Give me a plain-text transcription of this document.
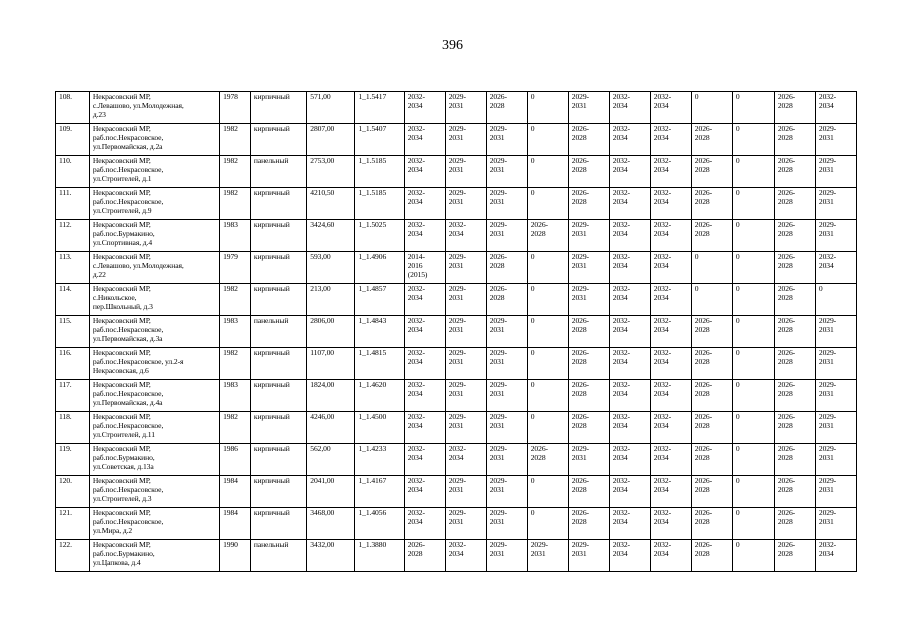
396
108.	Некрасовский МР,
с.Левашово, ул.Молодежная,
д.23	1978	кирпичный	571,00	1_1.5417	2032-
2034	2029-
2031	2026-
2028	0	2029-
2031	2032-
2034	2032-
2034	0	0	2026-
2028	2032-
2034
109.	Некрасовский МР,
раб.пос.Некрасовское,
ул.Первомайская, д.2а	1982	кирпичный	2807,00	1_1.5407	2032-
2034	2029-
2031	2029-
2031	0	2026-
2028	2032-
2034	2032-
2034	2026-
2028	0	2026-
2028	2029-
2031
110.	Некрасовский МР,
раб.пос.Некрасовское,
ул.Строителей, д.1	1982	панельный	2753,00	1_1.5185	2032-
2034	2029-
2031	2029-
2031	0	2026-
2028	2032-
2034	2032-
2034	2026-
2028	0	2026-
2028	2029-
2031
111.	Некрасовский МР,
раб.пос.Некрасовское,
ул.Строителей, д.9	1982	кирпичный	4210,50	1_1.5185	2032-
2034	2029-
2031	2029-
2031	0	2026-
2028	2032-
2034	2032-
2034	2026-
2028	0	2026-
2028	2029-
2031
112.	Некрасовский МР,
раб.пос.Бурмакино,
ул.Спортивная, д.4	1983	кирпичный	3424,60	1_1.5025	2032-
2034	2032-
2034	2029-
2031	2026-
2028	2029-
2031	2032-
2034	2032-
2034	2026-
2028	0	2026-
2028	2029-
2031
113.	Некрасовский МР,
с.Левашово, ул.Молодежная,
д.22	1979	кирпичный	593,00	1_1.4906	2014-
2016
(2015)	2029-
2031	2026-
2028	0	2029-
2031	2032-
2034	2032-
2034	0	0	2026-
2028	2032-
2034
114.	Некрасовский МР,
с.Никольское,
пер.Школьный, д.3	1982	кирпичный	213,00	1_1.4857	2032-
2034	2029-
2031	2026-
2028	0	2029-
2031	2032-
2034	2032-
2034	0	0	2026-
2028	0
115.	Некрасовский МР,
раб.пос.Некрасовское,
ул.Первомайская, д.3а	1983	панельный	2806,00	1_1.4843	2032-
2034	2029-
2031	2029-
2031	0	2026-
2028	2032-
2034	2032-
2034	2026-
2028	0	2026-
2028	2029-
2031
116.	Некрасовский МР,
раб.пос.Некрасовское, ул.2-я
Некрасовская, д.6	1982	кирпичный	1107,00	1_1.4815	2032-
2034	2029-
2031	2029-
2031	0	2026-
2028	2032-
2034	2032-
2034	2026-
2028	0	2026-
2028	2029-
2031
117.	Некрасовский МР,
раб.пос.Некрасовское,
ул.Первомайская, д.4а	1983	кирпичный	1824,00	1_1.4620	2032-
2034	2029-
2031	2029-
2031	0	2026-
2028	2032-
2034	2032-
2034	2026-
2028	0	2026-
2028	2029-
2031
118.	Некрасовский МР,
раб.пос.Некрасовское,
ул.Строителей, д.11	1982	кирпичный	4246,00	1_1.4500	2032-
2034	2029-
2031	2029-
2031	0	2026-
2028	2032-
2034	2032-
2034	2026-
2028	0	2026-
2028	2029-
2031
119.	Некрасовский МР,
раб.пос.Бурмакино,
ул.Советская, д.13а	1986	кирпичный	562,00	1_1.4233	2032-
2034	2032-
2034	2029-
2031	2026-
2028	2029-
2031	2032-
2034	2032-
2034	2026-
2028	0	2026-
2028	2029-
2031
120.	Некрасовский МР,
раб.пос.Некрасовское,
ул.Строителей, д.3	1984	кирпичный	2041,00	1_1.4167	2032-
2034	2029-
2031	2029-
2031	0	2026-
2028	2032-
2034	2032-
2034	2026-
2028	0	2026-
2028	2029-
2031
121.	Некрасовский МР,
раб.пос.Некрасовское,
ул.Мира, д.2	1984	кирпичный	3468,00	1_1.4056	2032-
2034	2029-
2031	2029-
2031	0	2026-
2028	2032-
2034	2032-
2034	2026-
2028	0	2026-
2028	2029-
2031
122.	Некрасовский МР,
раб.пос.Бурмакино,
ул.Цапкова, д.4	1990	панельный	3432,00	1_1.3880	2026-
2028	2032-
2034	2029-
2031	2029-
2031	2029-
2031	2032-
2034	2032-
2034	2026-
2028	0	2026-
2028	2032-
2034
